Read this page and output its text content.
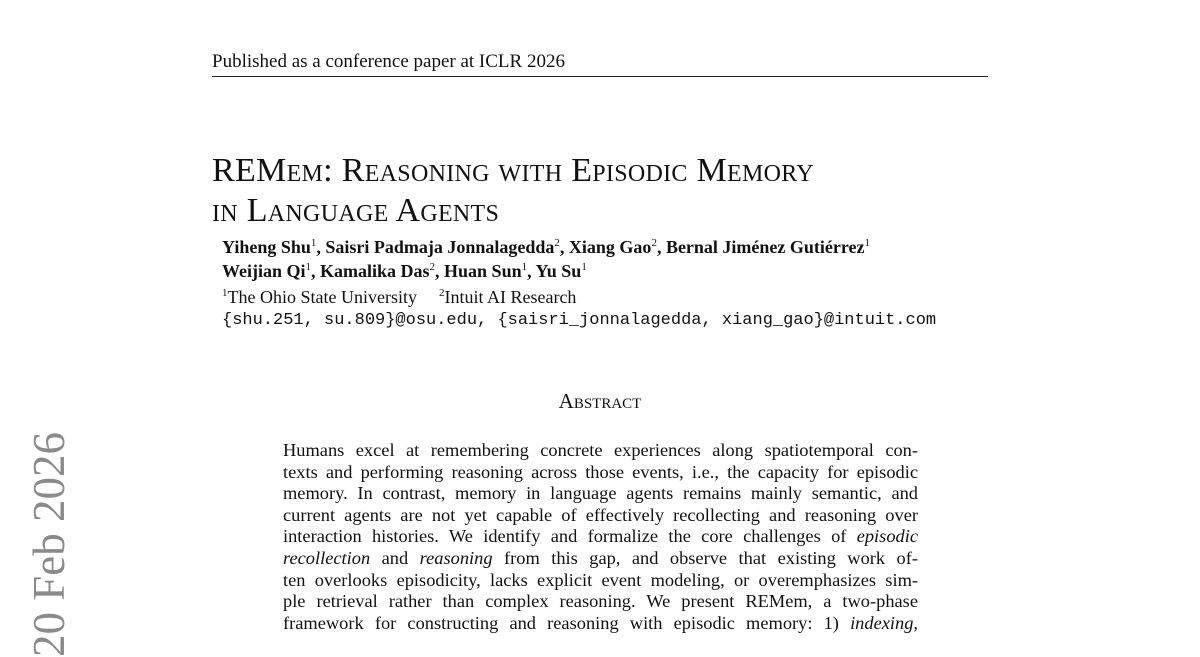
20 Feb 2026
Published as a conference paper at ICLR 2026
REMem: Reasoning with Episodic Memory
in Language Agents
Yiheng Shu$^1$, Saisri Padmaja Jonnalagedda$^2$, Xiang Gao$^2$, Bernal Jiménez Gutiérrez$^1$
Weijian Qi$^1$, Kamalika Das$^2$, Huan Sun$^1$, Yu Su$^1$
$^1$The Ohio State University $^2$Intuit AI Research
{shu.251, su.809}@osu.edu, {saisri_jonnalagedda, xiang_gao}@intuit.com
Abstract
Humans excel at remembering concrete experiences along spatiotemporal con-
texts and performing reasoning across those events, i.e., the capacity for episodic
memory. In contrast, memory in language agents remains mainly semantic, and
current agents are not yet capable of effectively recollecting and reasoning over
interaction histories. We identify and formalize the core challenges of episodic
recollection and reasoning from this gap, and observe that existing work of-
ten overlooks episodicity, lacks explicit event modeling, or overemphasizes sim-
ple retrieval rather than complex reasoning. We present REMem, a two-phase
framework for constructing and reasoning with episodic memory: 1) indexing,
